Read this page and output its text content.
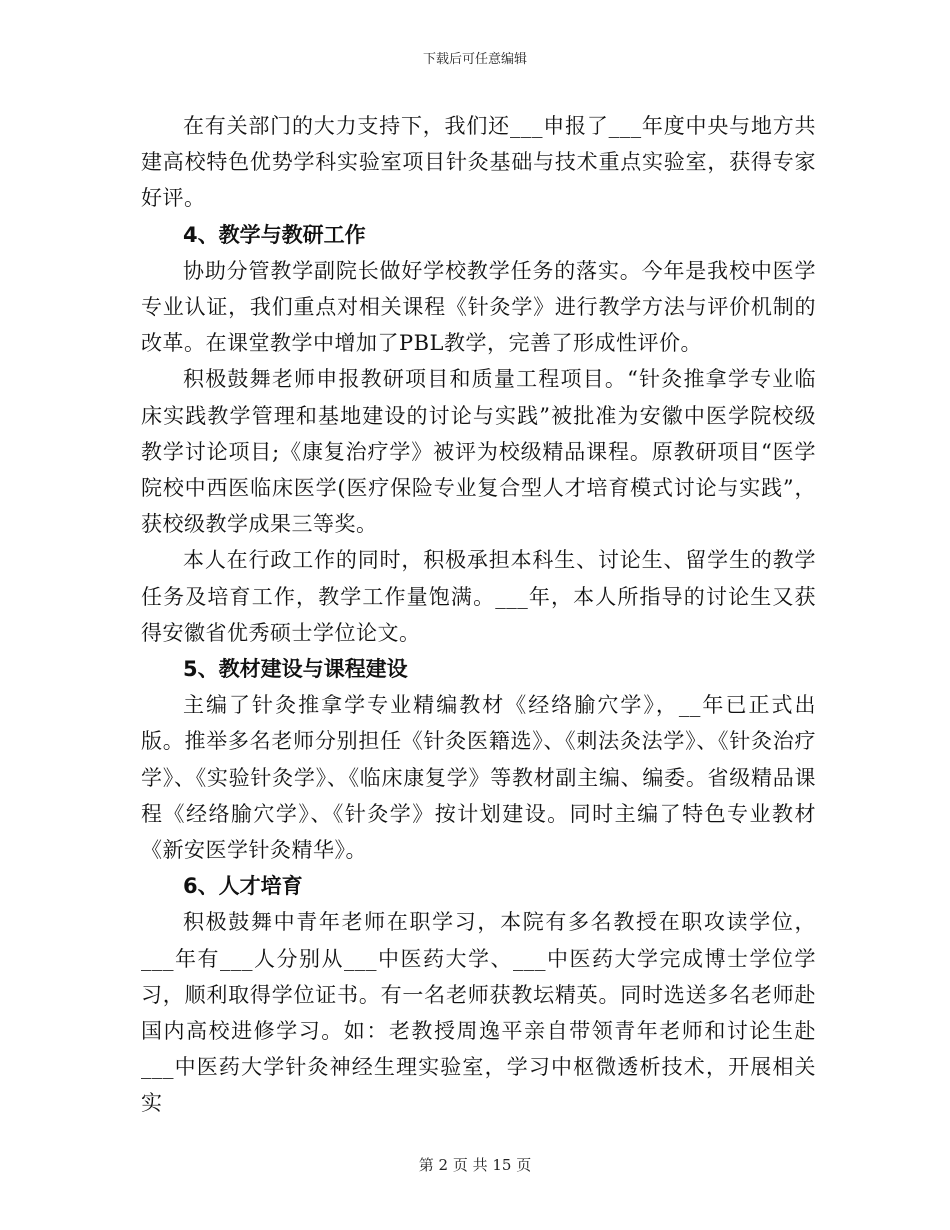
下载后可任意编辑

在有关部门的大力支持下，我们还___申报了___年度中央与地方共建高校特色优势学科实验室项目针灸基础与技术重点实验室，获得专家好评。

4、教学与教研工作

协助分管教学副院长做好学校教学任务的落实。今年是我校中医学专业认证，我们重点对相关课程《针灸学》进行教学方法与评价机制的改革。在课堂教学中增加了PBL教学，完善了形成性评价。

积极鼓舞老师申报教研项目和质量工程项目。“针灸推拿学专业临床实践教学管理和基地建设的讨论与实践”被批准为安徽中医学院校级教学讨论项目;《康复治疗学》被评为校级精品课程。原教研项目“医学院校中西医临床医学(医疗保险专业复合型人才培育模式讨论与实践”，获校级教学成果三等奖。

本人在行政工作的同时，积极承担本科生、讨论生、留学生的教学任务及培育工作，教学工作量饱满。___年，本人所指导的讨论生又获得安徽省优秀硕士学位论文。

5、教材建设与课程建设

主编了针灸推拿学专业精编教材《经络腧穴学》，__年已正式出版。推举多名老师分别担任《针灸医籍选》、《刺法灸法学》、《针灸治疗学》、《实验针灸学》、《临床康复学》等教材副主编、编委。省级精品课程《经络腧穴学》、《针灸学》按计划建设。同时主编了特色专业教材《新安医学针灸精华》。

6、人才培育

积极鼓舞中青年老师在职学习，本院有多名教授在职攻读学位，___年有___人分别从___中医药大学、___中医药大学完成博士学位学习，顺利取得学位证书。有一名老师获教坛精英。同时选送多名老师赴国内高校进修学习。如：老教授周逸平亲自带领青年老师和讨论生赴___中医药大学针灸神经生理实验室，学习中枢微透析技术，开展相关实

第 2 页 共 15 页
